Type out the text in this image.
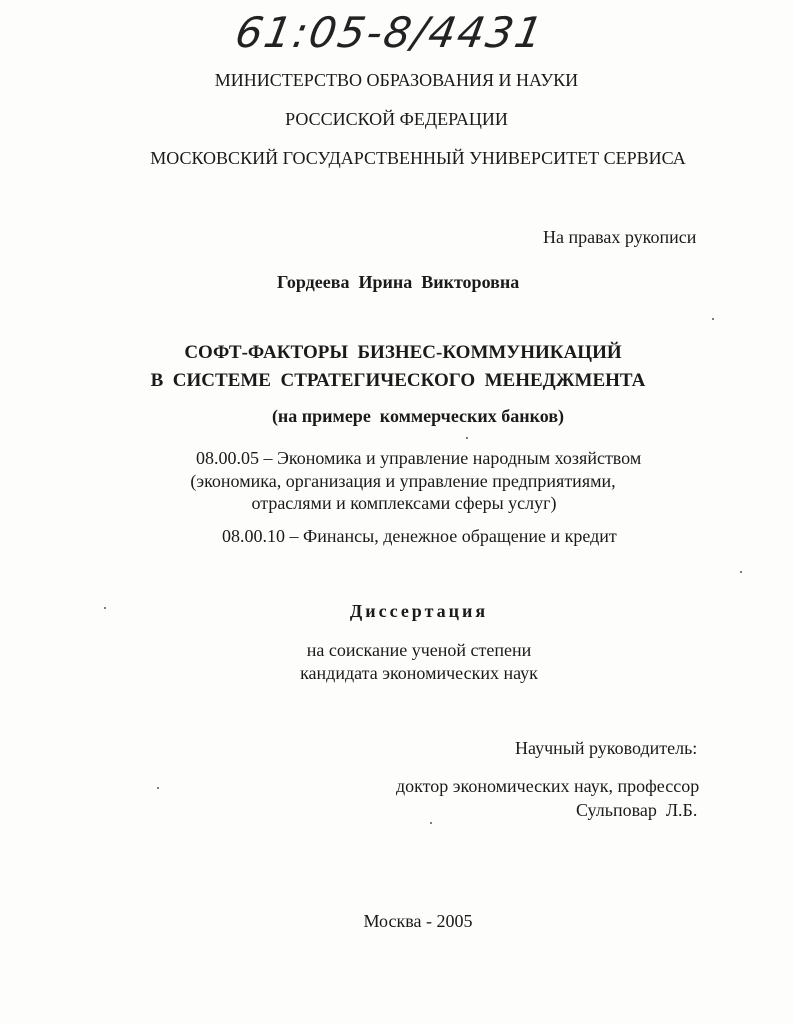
61:05-8/4431
МИНИСТЕРСТВО ОБРАЗОВАНИЯ И НАУКИ
РОССИСКОЙ ФЕДЕРАЦИИ
МОСКОВСКИЙ ГОСУДАРСТВЕННЫЙ УНИВЕРСИТЕТ СЕРВИСА
На правах рукописи
Гордеева  Ирина  Викторовна
СОФТ-ФАКТОРЫ  БИЗНЕС-КОММУНИКАЦИЙ
В  СИСТЕМЕ  СТРАТЕГИЧЕСКОГО  МЕНЕДЖМЕНТА
(на примере  коммерческих банков)
08.00.05 – Экономика и управление народным хозяйством
(экономика, организация и управление предприятиями,
отраслями и комплексами сферы услуг)
08.00.10 – Финансы, денежное обращение и кредит
Диссертация
на соискание ученой степени
кандидата экономических наук
Научный руководитель:
доктор экономических наук, профессор
Сульповар  Л.Б.
Москва - 2005
